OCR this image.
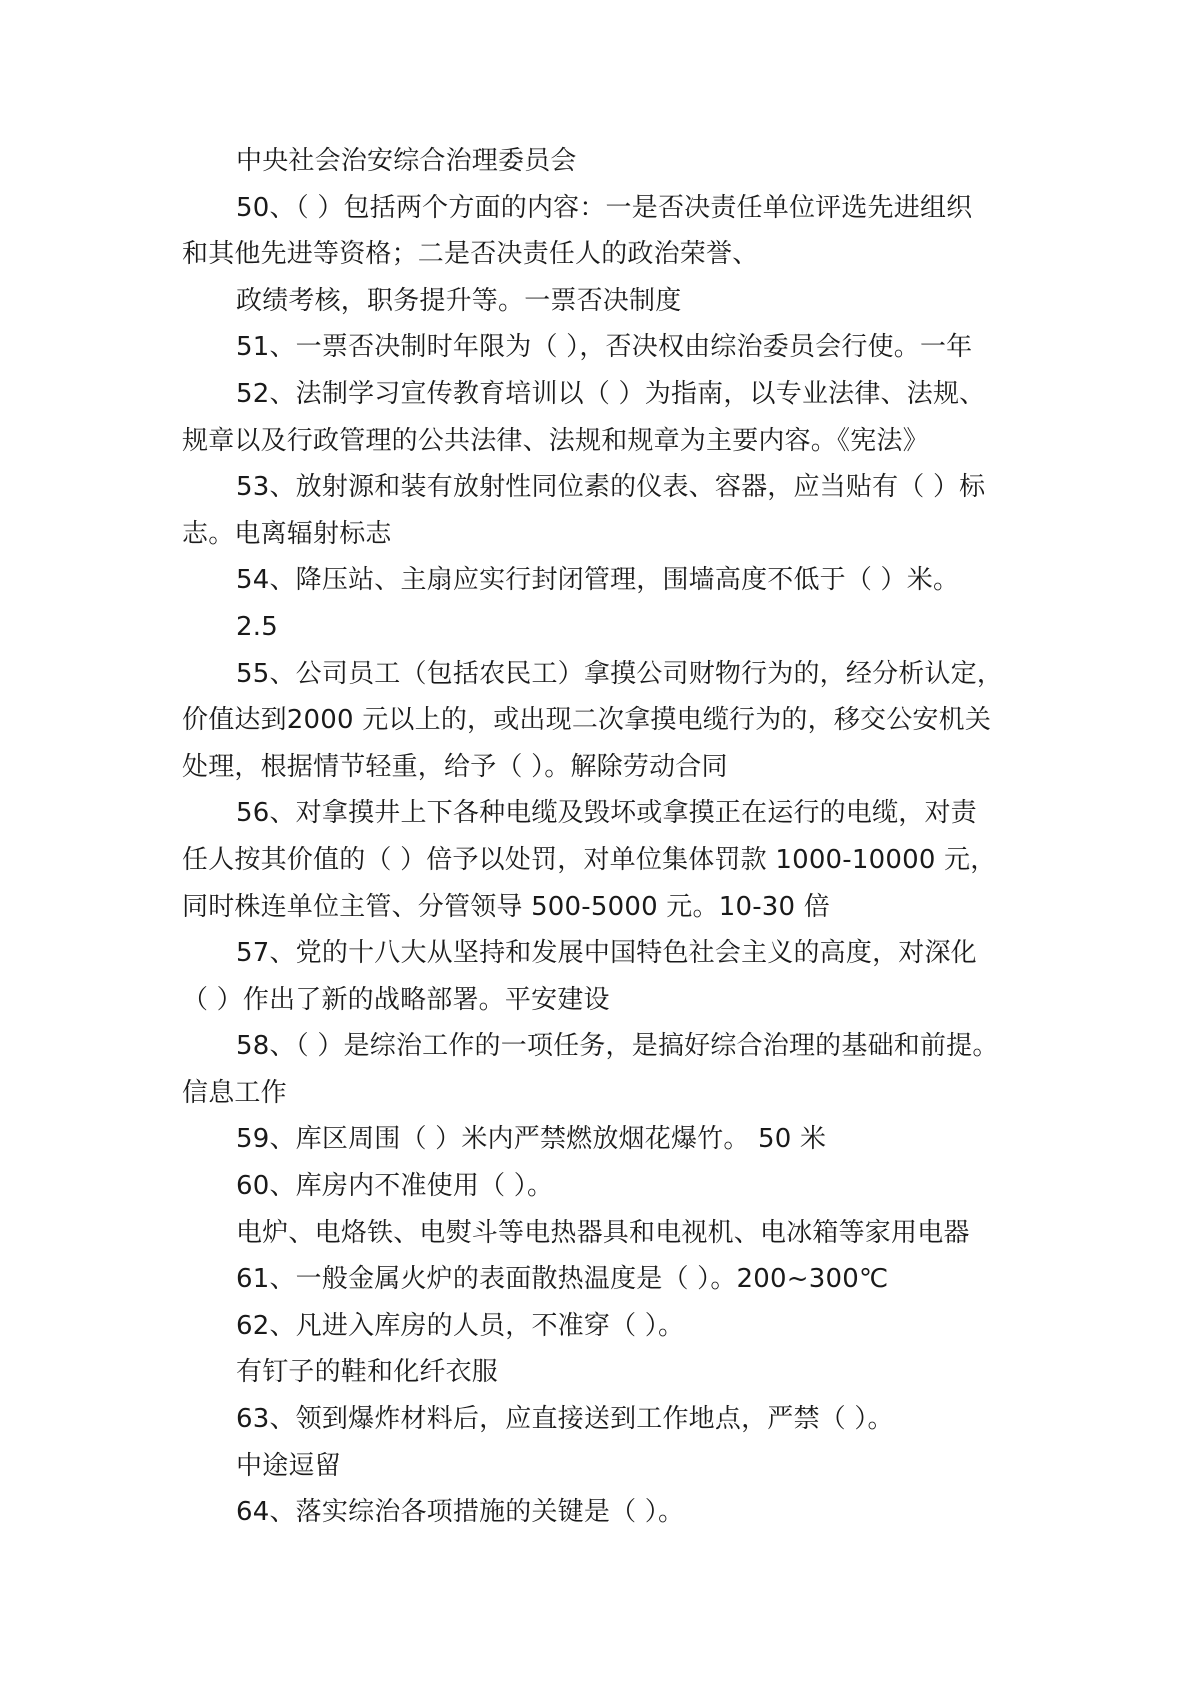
中央社会治安综合治理委员会
50、（ ）包括两个方面的内容：一是否决责任单位评选先进组织
和其他先进等资格；二是否决责任人的政治荣誉、
政绩考核，职务提升等。一票否决制度
51、一票否决制时年限为（ ），否决权由综治委员会行使。一年
52、法制学习宣传教育培训以（ ）为指南，以专业法律、法规、
规章以及行政管理的公共法律、法规和规章为主要内容。《宪法》
53、放射源和装有放射性同位素的仪表、容器，应当贴有（ ）标
志。电离辐射标志
54、降压站、主扇应实行封闭管理，围墙高度不低于（ ）米。
2.5
55、公司员工（包括农民工）拿摸公司财物行为的，经分析认定，
价值达到2000 元以上的，或出现二次拿摸电缆行为的，移交公安机关
处理，根据情节轻重，给予（ ）。解除劳动合同
56、对拿摸井上下各种电缆及毁坏或拿摸正在运行的电缆，对责
任人按其价值的（ ）倍予以处罚，对单位集体罚款 1000-10000 元，
同时株连单位主管、分管领导 500-5000 元。10-30 倍
57、党的十八大从坚持和发展中国特色社会主义的高度，对深化
（ ）作出了新的战略部署。平安建设
58、（ ）是综治工作的一项任务，是搞好综合治理的基础和前提。
信息工作
59、库区周围（ ）米内严禁燃放烟花爆竹。 50 米
60、库房内不准使用（ ）。
电炉、电烙铁、电熨斗等电热器具和电视机、电冰箱等家用电器
61、一般金属火炉的表面散热温度是（ ）。200~300℃
62、凡进入库房的人员，不准穿（ ）。
有钉子的鞋和化纤衣服
63、领到爆炸材料后，应直接送到工作地点，严禁（ ）。
中途逗留
64、落实综治各项措施的关键是（ ）。
